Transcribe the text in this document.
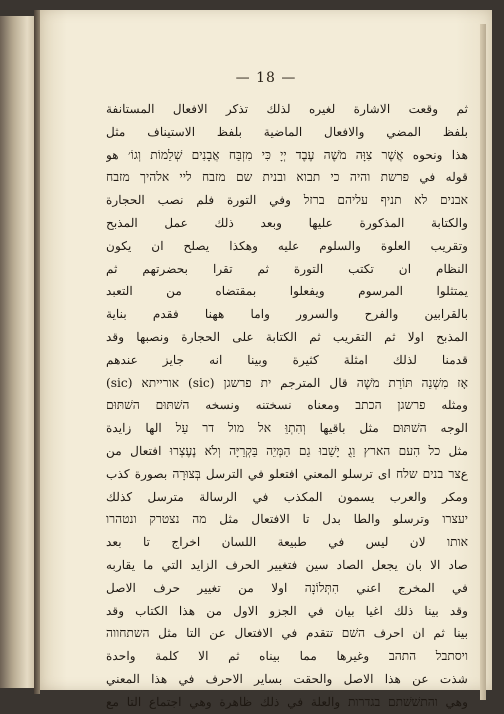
— 18 —
ثم وقعت الاشارة لغيره لذلك تذكر الافعال المستانفة
بلفظ المضي والافعال الماضية بلفظ الاستيناف مثل
هذا ونحوه אֲשֶׁר צִוָּה מֹשֶׁה עֶבֶד יְיָ כִּי מִזְבַּח אֲבָנִים שְׁלֵמוֹת וְגוֹ׳ هو
قوله في פרשת והיה כי תבוא ובנית שם מזבח ליי אלהיך מזבח
אבנים לא תניף עליהם ברזל وفي التورة فلم نصب الحجارة
والكتابة المذكورة عليها وبعد ذلك عمل المذبح
وتقريب العلوة والسلوم عليه وهكذا يصلح ان يكون
النظام ان تكتب التورة ثم تقرا بحضرتهم ثم
يمتثلوا المرسوم ويفعلوا بمقتضاه من التعبد
بالقرابين والفرح والسرور واما ههنا فقدم بناية
المذبح اولا ثم التقريب ثم الكتابة على الحجارة ونصبها وقد
قدمنا لذلك امثلة كثيرة وبينا انه جايز عندهم
אָז מִשְׁנֵה תּוֹרַת מֹשֶׁה قال المترجم ית פרשגן (sic) אורייתא (sic)
ومثله פרשגן הכתב ومعناه نسختنه ونسخه השׁתּוּם השׁתּוּם
الوجه השׁתּוּם مثل باقيها וְהִתְוֵּ אל מול דר עַל الها زايدة
مثل כל הִעם הארץ וַגֻ יָשַׁבוּ גַם הַמְּיֵה בַּקְרֵיָּה וְלֹא נֶעֶצְרוּ افتعال من
عצר בנים שלח ای ترسلو المعني افتعلو في الترسل בְּצוּרָה بصورة كذب
ومكر والعرب يسمون المكذب في الرسالة مترسل كذلك
יעצרו وترسلو والطا بدل تا الافتعال مثل מה נצטרק ונטהרו
אותו لان ليس في طبيعة اللسان اخراج تا بعد
صاد الا بان يجعل الصاد سين فتغيير الحرف الزايد التي ما يقاربه
في المخرج اعني הִתְּלוֹנָה اولا من تغيير حرف الاصل
وقد بينا ذلك اغيا بيان في الجزو الاول من هذا الكتاب وقد
بينا ثم ان احرف השׁם تتقدم في الافتعال عن التا مثل השתחווה
ויסתבל התהב وغيرها مما بيناه ثم الا كلمة واحدة
شذت عن هذا الاصل والحقت بساير الاحرف في هذا المعني
وهي והתשׁשׁתם בגדרות والعلة في ذلك ظاهرة وهي اجتماع التا مع
